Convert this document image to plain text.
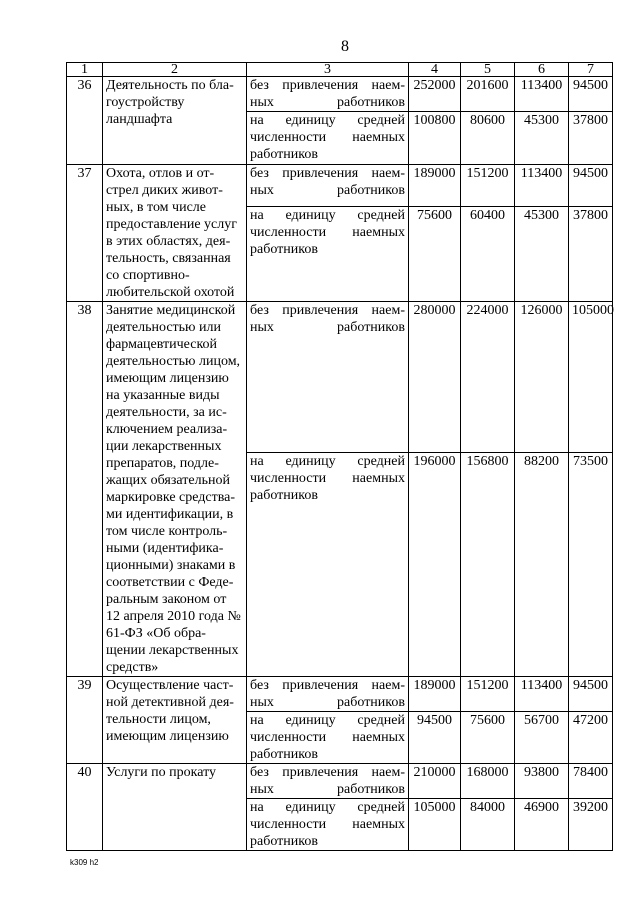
8
1	2	3	4	5	6	7
36	Деятельность по бла-гоустройству ландшафта	без привлечения наем-ных работников	252000	201600	113400	94500
		на единицу средней численности наемных работников	100800	80600	45300	37800
37	Охота, отлов и от-стрел диких живот-ных, в том числе предоставление услуг в этих областях, дея-тельность, связанная со спортивно-любительской охотой	без привлечения наем-ных работников	189000	151200	113400	94500
		на единицу средней численности наемных работников	75600	60400	45300	37800
38	Занятие медицинской деятельностью или фармацевтической деятельностью лицом, имеющим лицензию на указанные виды деятельности, за ис-ключением реализа-ции лекарственных препаратов, подле-жащих обязательной маркировке средства-ми идентификации, в том числе контроль-ными (идентифика-ционными) знаками в соответствии с Феде-ральным законом от 12 апреля 2010 года № 61-ФЗ «Об обра-щении лекарственных средств»	без привлечения наем-ных работников	280000	224000	126000	105000
		на единицу средней численности наемных работников	196000	156800	88200	73500
39	Осуществление част-ной детективной дея-тельности лицом, имеющим лицензию	без привлечения наем-ных работников	189000	151200	113400	94500
		на единицу средней численности наемных работников	94500	75600	56700	47200
40	Услуги по прокату	без привлечения наем-ных работников	210000	168000	93800	78400
		на единицу средней численности наемных работников	105000	84000	46900	39200
k309 h2
